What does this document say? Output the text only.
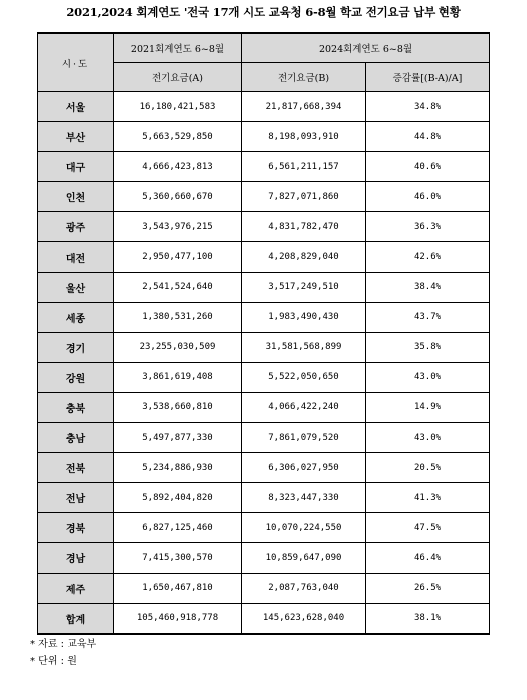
2021,2024 회계연도 '전국 17개 시도 교육청 6-8월 학교 전기요금 납부 현황
시·도	2021회계연도 6~8월	2024회계연도 6~8월	
	전기요금(A)	전기요금(B)	증감률[(B-A)/A]
서울	16,180,421,583	21,817,668,394	34.8%
부산	5,663,529,850	8,198,093,910	44.8%
대구	4,666,423,813	6,561,211,157	40.6%
인천	5,360,660,670	7,827,071,860	46.0%
광주	3,543,976,215	4,831,782,470	36.3%
대전	2,950,477,100	4,208,829,040	42.6%
울산	2,541,524,640	3,517,249,510	38.4%
세종	1,380,531,260	1,983,490,430	43.7%
경기	23,255,030,509	31,581,568,899	35.8%
강원	3,861,619,408	5,522,050,650	43.0%
충북	3,538,660,810	4,066,422,240	14.9%
충남	5,497,877,330	7,861,079,520	43.0%
전북	5,234,886,930	6,306,027,950	20.5%
전남	5,892,404,820	8,323,447,330	41.3%
경북	6,827,125,460	10,070,224,550	47.5%
경남	7,415,300,570	10,859,647,090	46.4%
제주	1,650,467,810	2,087,763,040	26.5%
합계	105,460,918,778	145,623,628,040	38.1%
* 자료 : 교육부
* 단위 : 원
